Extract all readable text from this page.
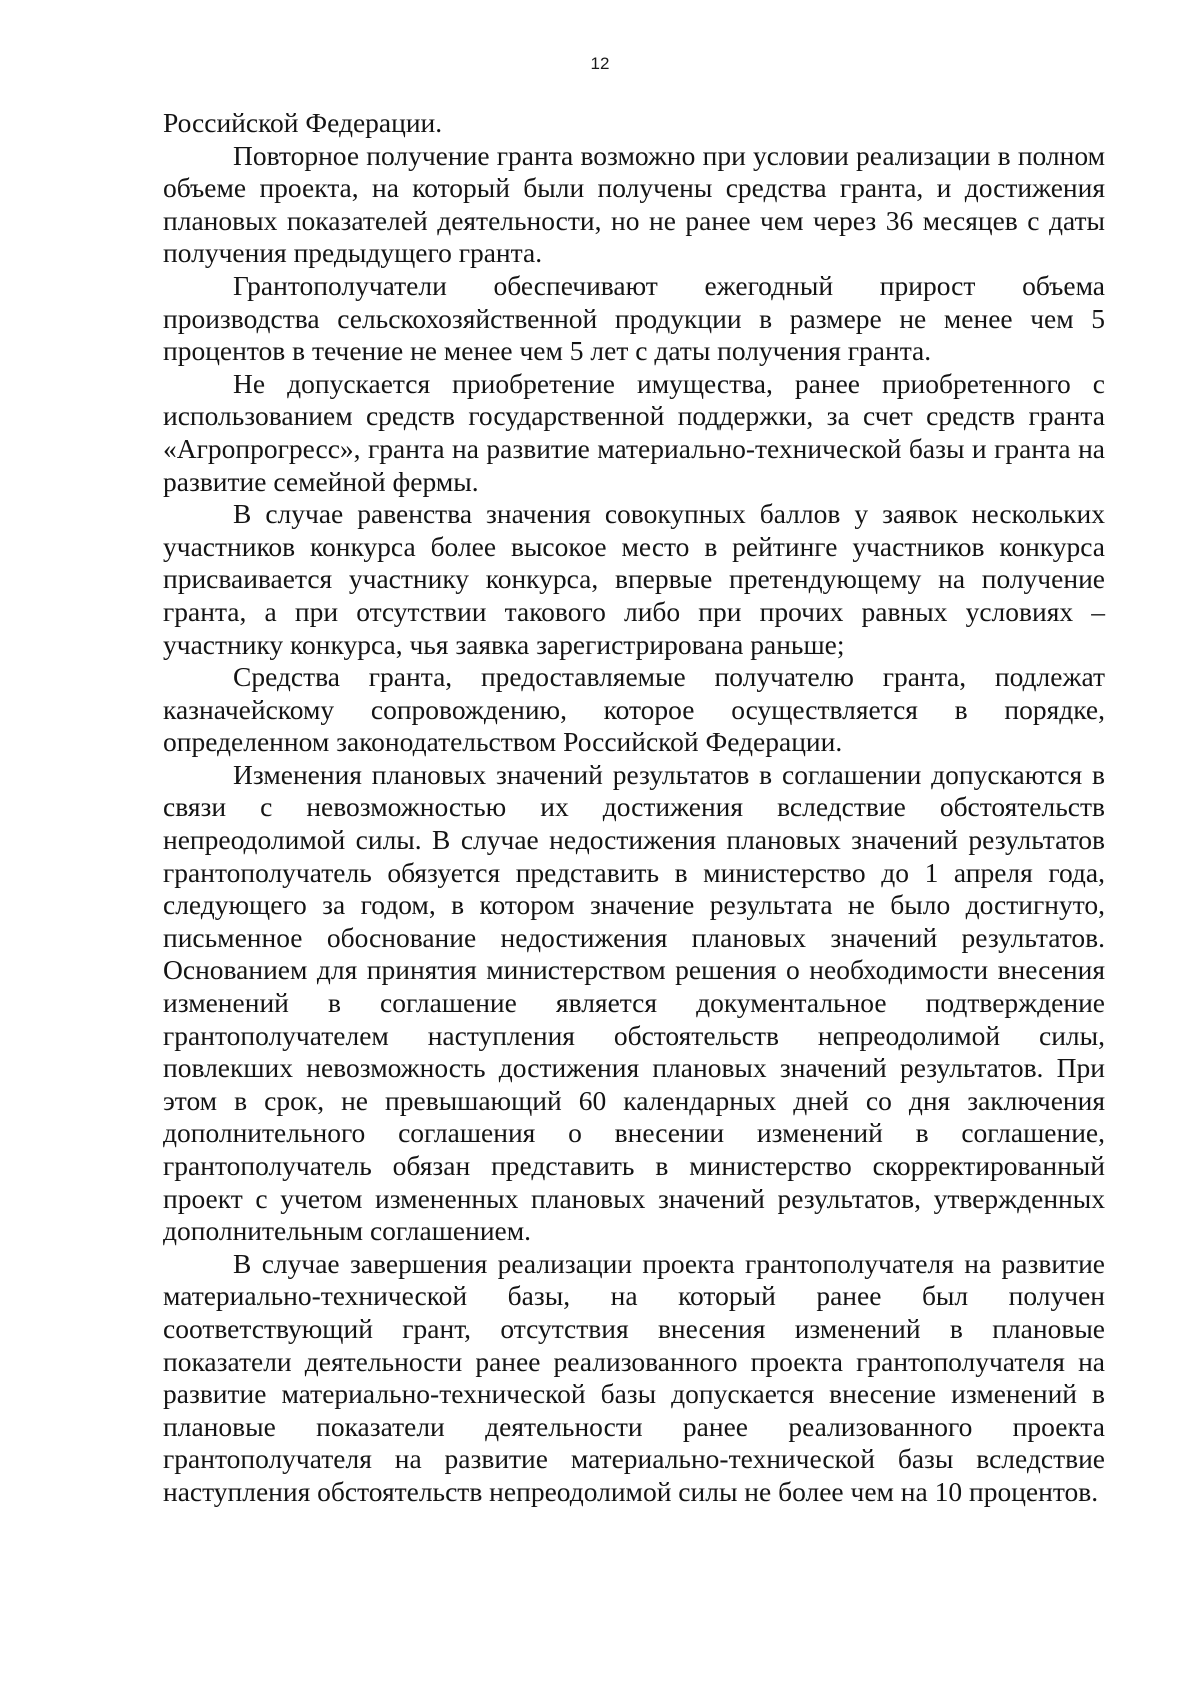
12

Российской Федерации.

Повторное получение гранта возможно при условии реализации в полном объеме проекта, на который были получены средства гранта, и достижения плановых показателей деятельности, но не ранее чем через 36 месяцев с даты получения предыдущего гранта.

Грантополучатели обеспечивают ежегодный прирост объема производства сельскохозяйственной продукции в размере не менее чем 5 процентов в течение не менее чем 5 лет с даты получения гранта.

Не допускается приобретение имущества, ранее приобретенного с использованием средств государственной поддержки, за счет средств гранта «Агропрогресс», гранта на развитие материально-технической базы и гранта на развитие семейной фермы.

В случае равенства значения совокупных баллов у заявок нескольких участников конкурса более высокое место в рейтинге участников конкурса присваивается участнику конкурса, впервые претендующему на получение гранта, а при отсутствии такового либо при прочих равных условиях – участнику конкурса, чья заявка зарегистрирована раньше;

Средства гранта, предоставляемые получателю гранта, подлежат казначейскому сопровождению, которое осуществляется в порядке, определенном законодательством Российской Федерации.

Изменения плановых значений результатов в соглашении допускаются в связи с невозможностью их достижения вследствие обстоятельств непреодолимой силы. В случае недостижения плановых значений результатов грантополучатель обязуется представить в министерство до 1 апреля года, следующего за годом, в котором значение результата не было достигнуто, письменное обоснование недостижения плановых значений результатов. Основанием для принятия министерством решения о необходимости внесения изменений в соглашение является документальное подтверждение грантополучателем наступления обстоятельств непреодолимой силы, повлекших невозможность достижения плановых значений результатов. При этом в срок, не превышающий 60 календарных дней со дня заключения дополнительного соглашения о внесении изменений в соглашение, грантополучатель обязан представить в министерство скорректированный проект с учетом измененных плановых значений результатов, утвержденных дополнительным соглашением.

В случае завершения реализации проекта грантополучателя на развитие материально-технической базы, на который ранее был получен соответствующий грант, отсутствия внесения изменений в плановые показатели деятельности ранее реализованного проекта грантополучателя на развитие материально-технической базы допускается внесение изменений в плановые показатели деятельности ранее реализованного проекта грантополучателя на развитие материально-технической базы вследствие наступления обстоятельств непреодолимой силы не более чем на 10 процентов.
